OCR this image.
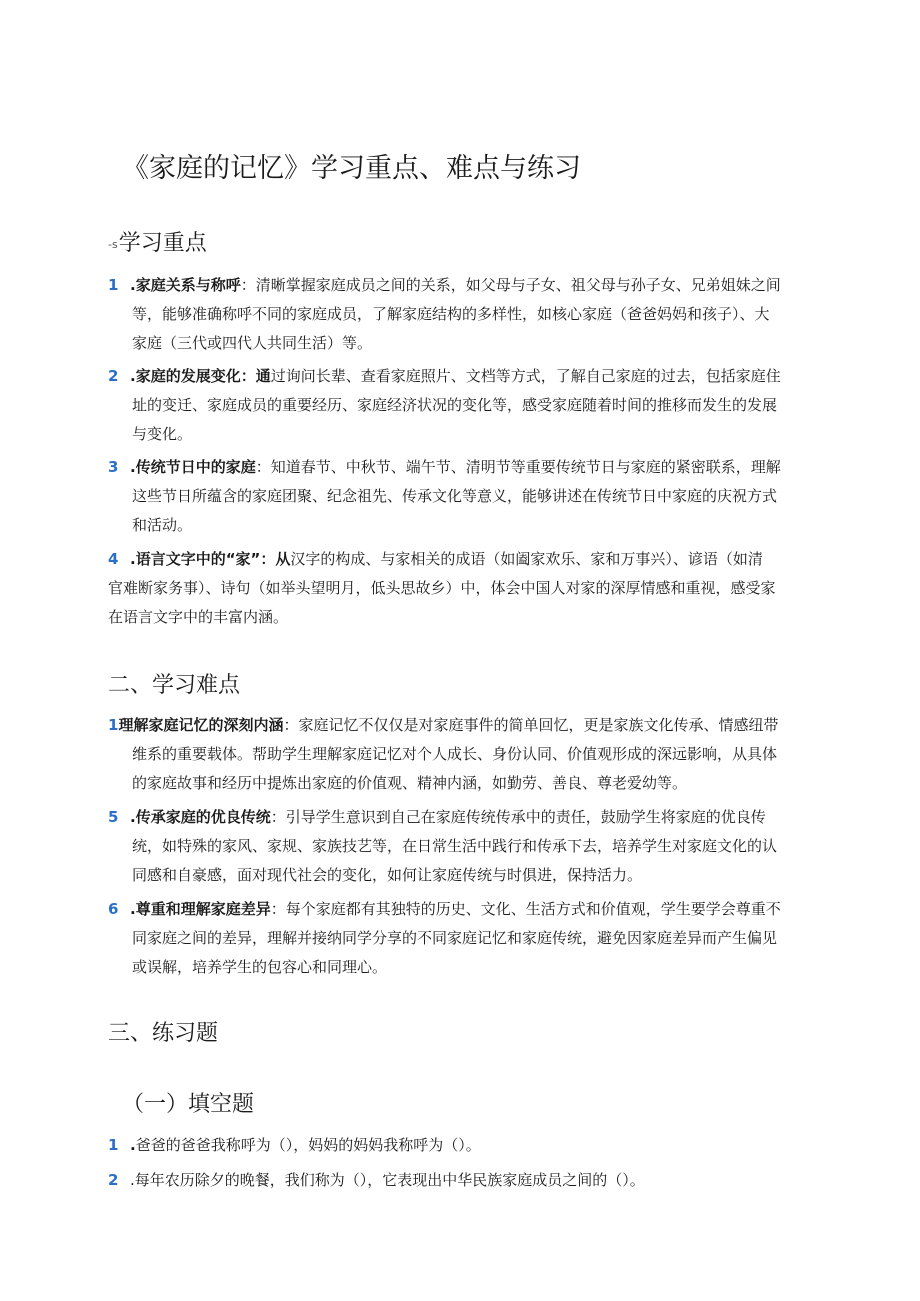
《家庭的记忆》学习重点、难点与练习
-s学习重点
1 .家庭关系与称呼：清晰掌握家庭成员之间的关系，如父母与子女、祖父母与孙子女、兄弟姐妹之间
等，能够准确称呼不同的家庭成员，了解家庭结构的多样性，如核心家庭（爸爸妈妈和孩子）、大
家庭（三代或四代人共同生活）等。
2 .家庭的发展变化：通过询问长辈、查看家庭照片、文档等方式，了解自己家庭的过去，包括家庭住
址的变迁、家庭成员的重要经历、家庭经济状况的变化等，感受家庭随着时间的推移而发生的发展
与变化。
3 .传统节日中的家庭：知道春节、中秋节、端午节、清明节等重要传统节日与家庭的紧密联系，理解
这些节日所蕴含的家庭团聚、纪念祖先、传承文化等意义，能够讲述在传统节日中家庭的庆祝方式
和活动。
4 .语言文字中的“家”：从汉字的构成、与家相关的成语（如阖家欢乐、家和万事兴）、谚语（如清
官难断家务事）、诗句（如举头望明月，低头思故乡）中，体会中国人对家的深厚情感和重视，感受家
在语言文字中的丰富内涵。
二、学习难点
1理解家庭记忆的深刻内涵：家庭记忆不仅仅是对家庭事件的简单回忆，更是家族文化传承、情感纽带
维系的重要载体。帮助学生理解家庭记忆对个人成长、身份认同、价值观形成的深远影响，从具体
的家庭故事和经历中提炼出家庭的价值观、精神内涵，如勤劳、善良、尊老爱幼等。
5 .传承家庭的优良传统：引导学生意识到自己在家庭传统传承中的责任，鼓励学生将家庭的优良传
统，如特殊的家风、家规、家族技艺等，在日常生活中践行和传承下去，培养学生对家庭文化的认
同感和自豪感，面对现代社会的变化，如何让家庭传统与时俱进，保持活力。
6 .尊重和理解家庭差异：每个家庭都有其独特的历史、文化、生活方式和价值观，学生要学会尊重不
同家庭之间的差异，理解并接纳同学分享的不同家庭记忆和家庭传统，避免因家庭差异而产生偏见
或误解，培养学生的包容心和同理心。
三、练习题
（一）填空题
1 .爸爸的爸爸我称呼为（），妈妈的妈妈我称呼为（）。
2 .每年农历除夕的晚餐，我们称为（），它表现出中华民族家庭成员之间的（）。
